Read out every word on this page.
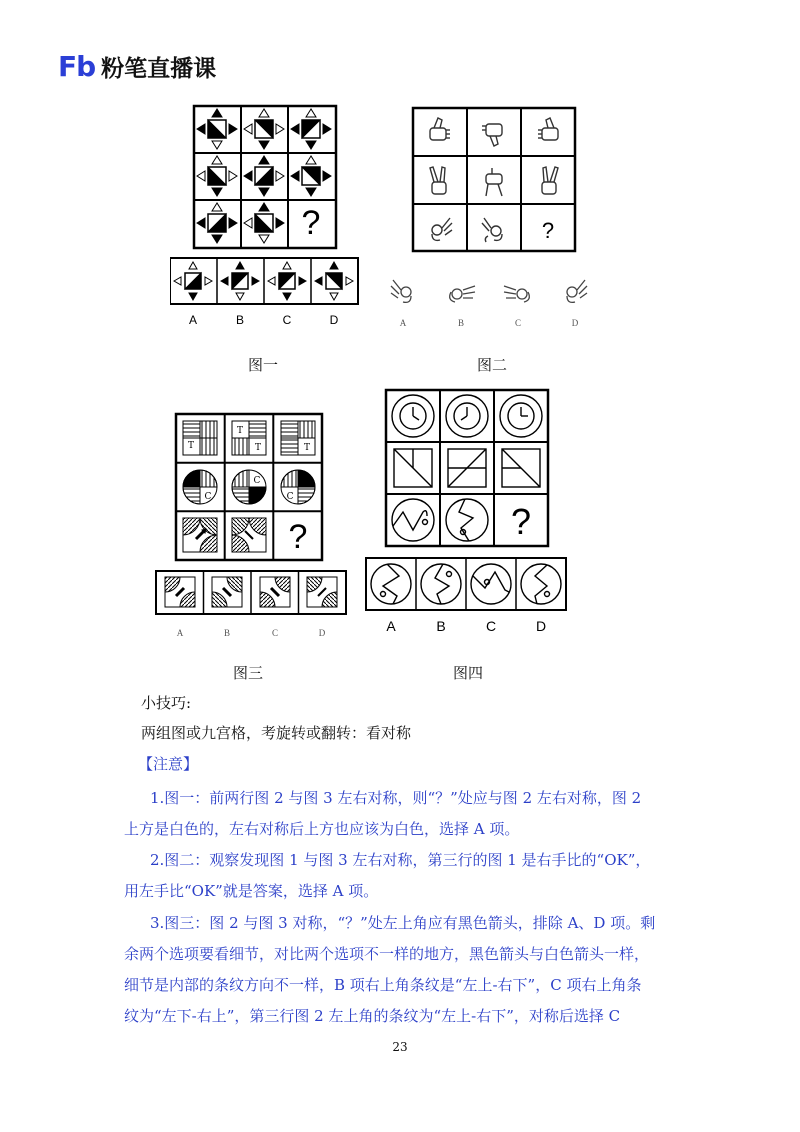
Fb 粉笔直播课
?
A	B	C	D
图一
?
A	B	C	D
图二
T
T
T	T
C
C
C
?
A	B	C	D
图三
?
A	B	C	D
图四
小技巧:
两组图或九宫格，考旋转或翻转：看对称
【注意】
1.图一：前两行图 2 与图 3 左右对称，则“？”处应与图 2 左右对称，图 2
上方是白色的，左右对称后上方也应该为白色，选择 A 项。
2.图二：观察发现图 1 与图 3 左右对称，第三行的图 1 是右手比的“OK”，
用左手比“OK”就是答案，选择 A 项。
3.图三：图 2 与图 3 对称，“？”处左上角应有黑色箭头，排除 A、D 项。剩
余两个选项要看细节，对比两个选项不一样的地方，黑色箭头与白色箭头一样，
细节是内部的条纹方向不一样，B 项右上角条纹是“左上-右下”，C 项右上角条
纹为“左下-右上”，第三行图 2 左上角的条纹为“左上-右下”，对称后选择 C
23
